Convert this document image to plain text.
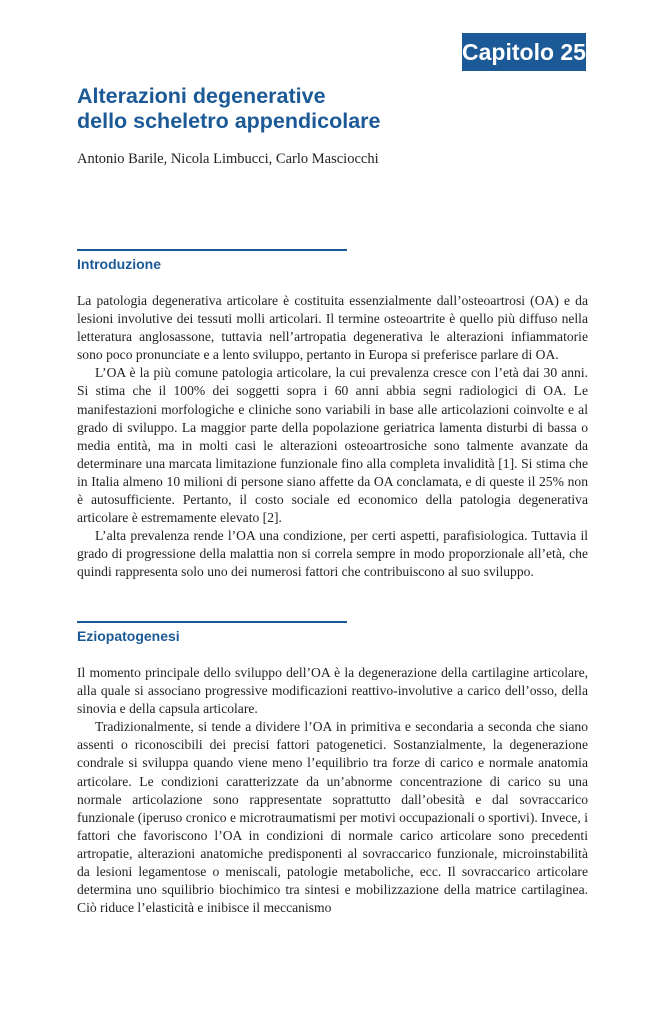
Capitolo 25
Alterazioni degenerative
dello scheletro appendicolare
Antonio Barile, Nicola Limbucci, Carlo Masciocchi
Introduzione

La patologia degenerativa articolare è costituita essenzialmente dall’osteoartrosi (OA) e da lesioni involutive dei tessuti molli articolari. Il termine osteoartrite è quello più diffuso nella letteratura anglosassone, tuttavia nell’artropatia degenerativa le alterazioni infiammatorie sono poco pronunciate e a lento sviluppo, pertanto in Europa si preferisce parlare di OA.

L’OA è la più comune patologia articolare, la cui prevalenza cresce con l’età dai 30 anni. Si stima che il 100% dei soggetti sopra i 60 anni abbia segni radiologici di OA. Le manifestazioni morfologiche e cliniche sono variabili in base alle articolazioni coinvolte e al grado di sviluppo. La maggior parte della popolazione geriatrica lamenta disturbi di bassa o media entità, ma in molti casi le alterazioni osteoartrosiche sono talmente avanzate da determinare una marcata limitazione funzionale fino alla completa invalidità [1]. Si stima che in Italia almeno 10 milioni di persone siano affette da OA conclamata, e di queste il 25% non è autosufficiente. Pertanto, il costo sociale ed economico della patologia degenerativa articolare è estremamente elevato [2].

L’alta prevalenza rende l’OA una condizione, per certi aspetti, parafisiologica. Tuttavia il grado di progressione della malattia non si correla sempre in modo proporzionale all’età, che quindi rappresenta solo uno dei numerosi fattori che contribuiscono al suo sviluppo.

Eziopatogenesi

Il momento principale dello sviluppo dell’OA è la degenerazione della cartilagine articolare, alla quale si associano progressive modificazioni reattivo-involutive a carico dell’osso, della sinovia e della capsula articolare.

Tradizionalmente, si tende a dividere l’OA in primitiva e secondaria a seconda che siano assenti o riconoscibili dei precisi fattori patogenetici. Sostanzialmente, la degenerazione condrale si sviluppa quando viene meno l’equilibrio tra forze di carico e normale anatomia articolare. Le condizioni caratterizzate da un’abnorme concentrazione di carico su una normale articolazione sono rappresentate soprattutto dall’obesità e dal sovraccarico funzionale (iperuso cronico e microtraumatismi per motivi occupazionali o sportivi). Invece, i fattori che favoriscono l’OA in condizioni di normale carico articolare sono precedenti artropatie, alterazioni anatomiche predisponenti al sovraccarico funzionale, microinstabilità da lesioni legamentose o meniscali, patologie metaboliche, ecc. Il sovraccarico articolare determina uno squilibrio biochimico tra sintesi e mobilizzazione della matrice cartilaginea. Ciò riduce l’elasticità e inibisce il meccanismo
